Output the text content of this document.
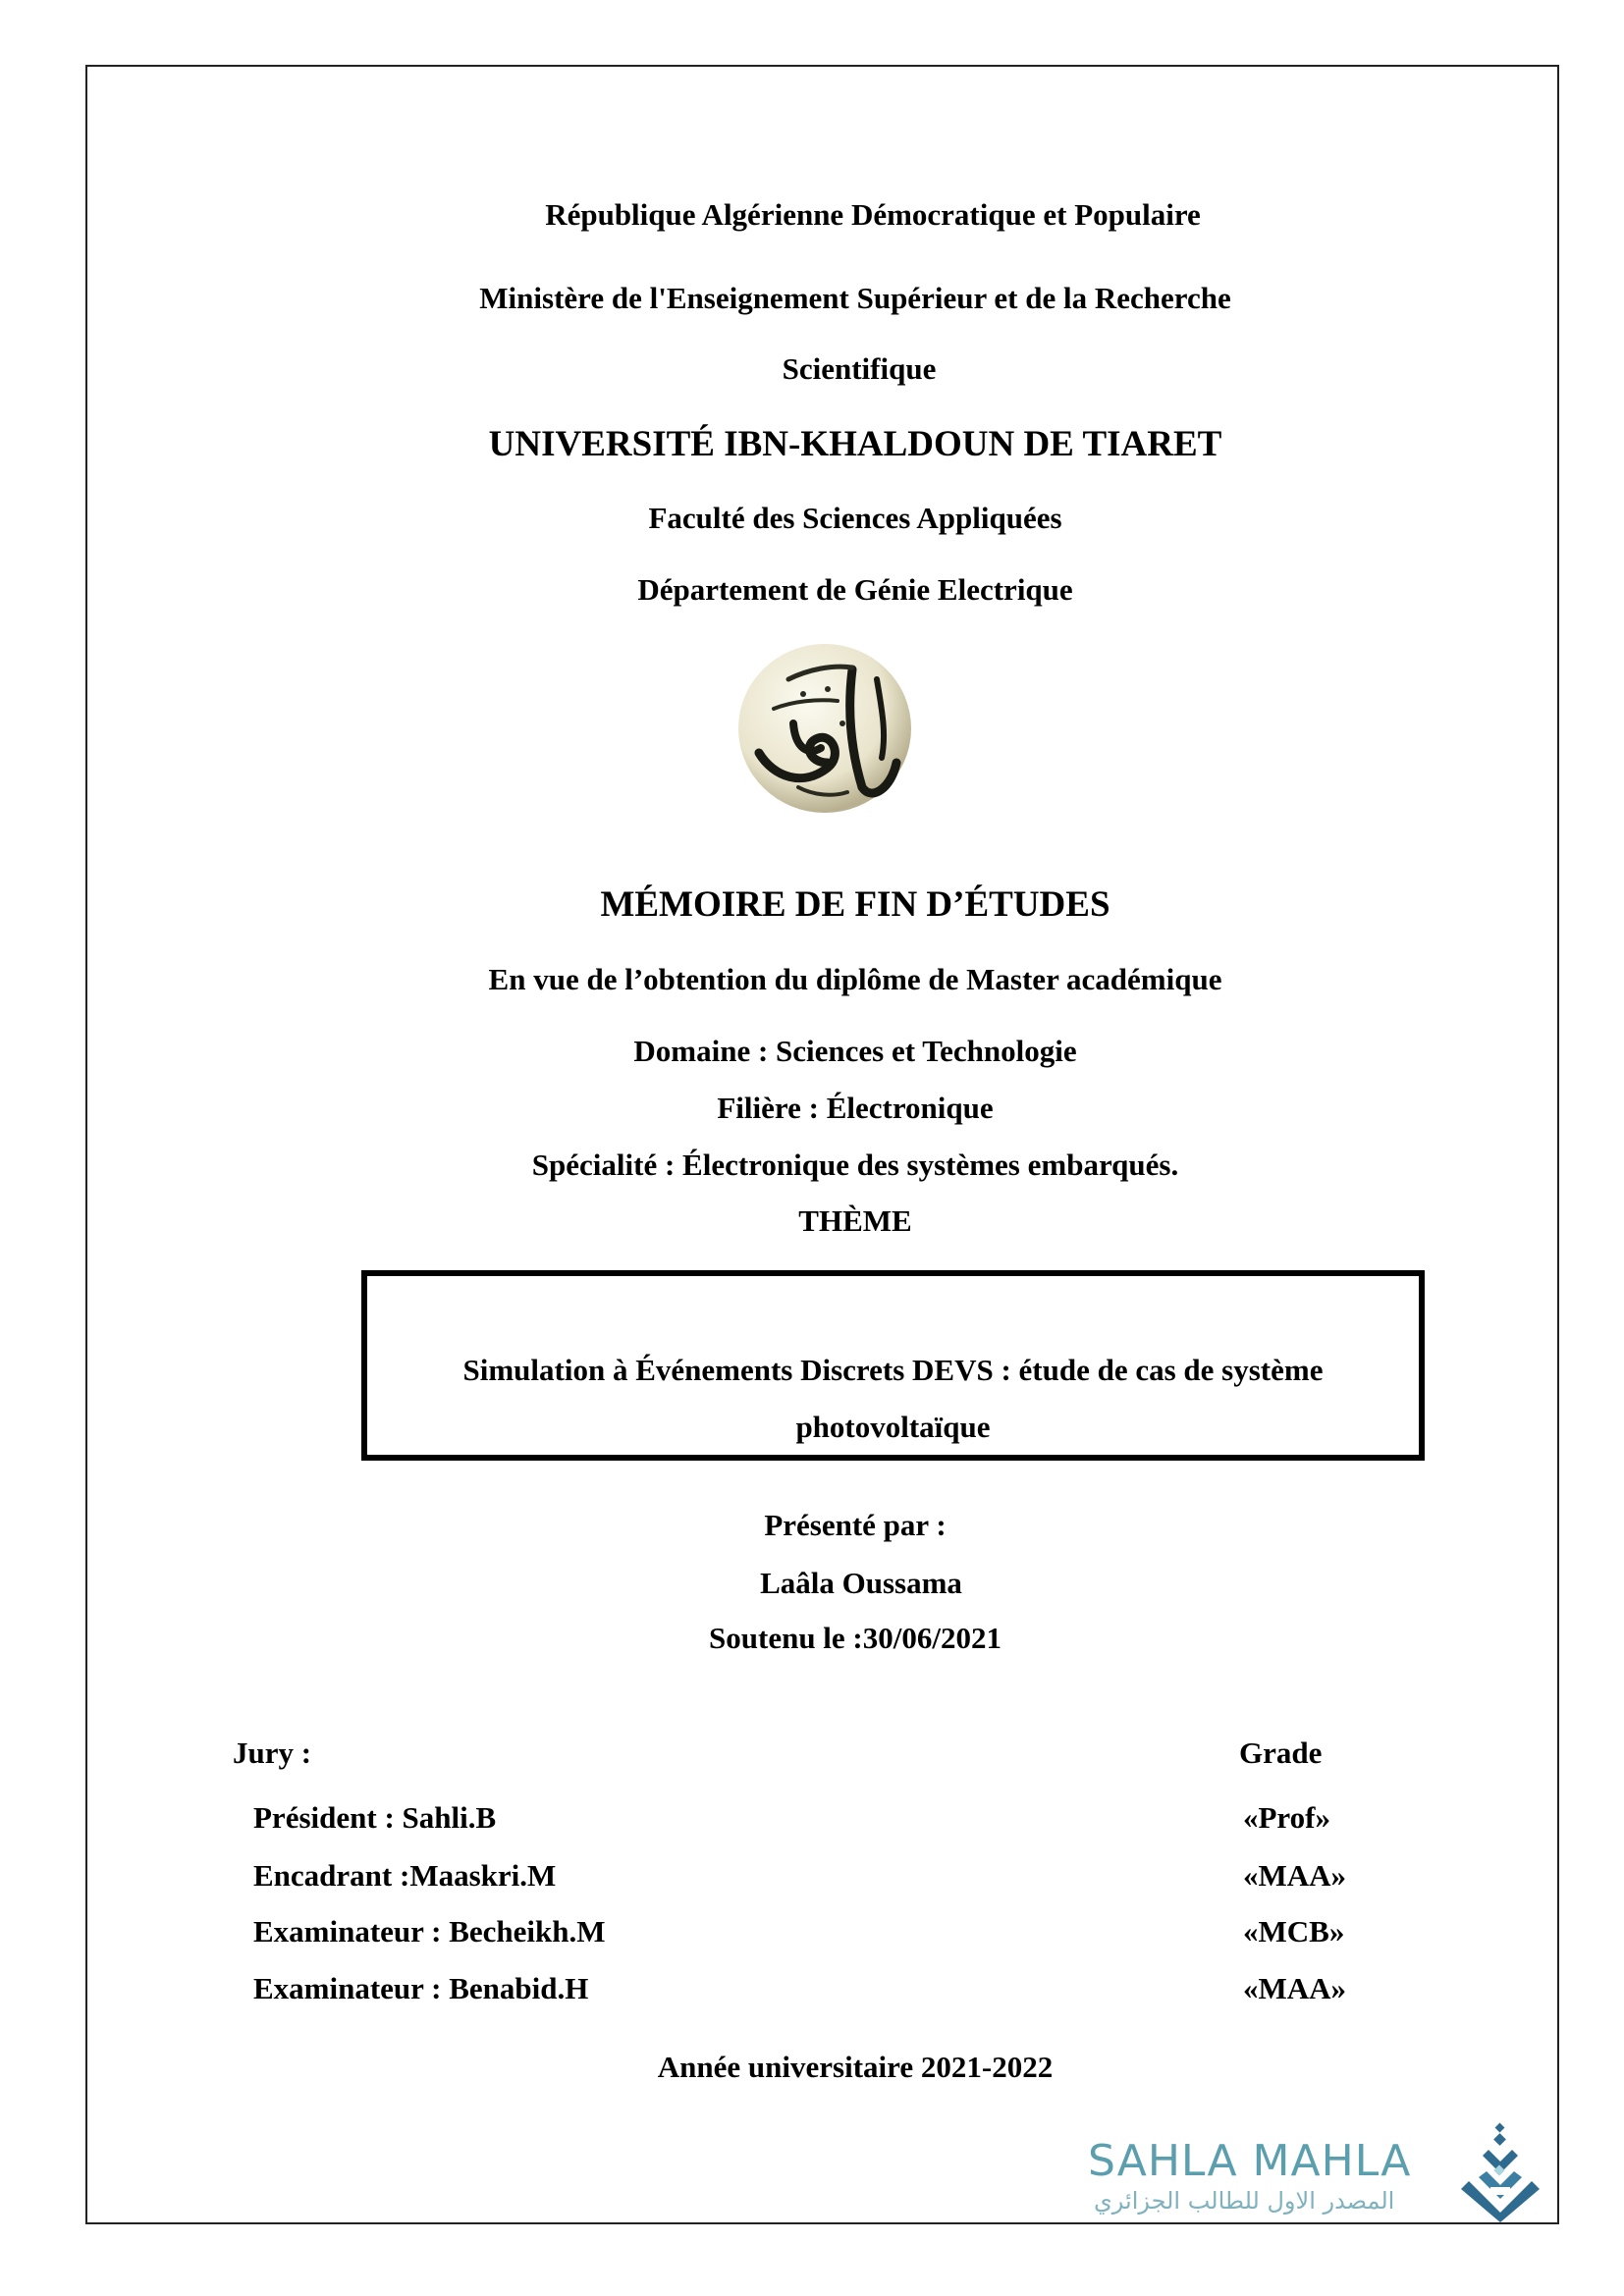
République Algérienne Démocratique et Populaire
Ministère de l'Enseignement Supérieur et de la Recherche
Scientifique
UNIVERSITÉ IBN-KHALDOUN DE TIARET
Faculté des Sciences Appliquées
Département de Génie Electrique
MÉMOIRE DE FIN D’ÉTUDES
En vue de l’obtention du diplôme de Master académique
Domaine : Sciences et Technologie
Filière : Électronique
Spécialité : Électronique des systèmes embarqués.
THÈME
Simulation à Événements Discrets DEVS : étude de cas de système
photovoltaïque
Présenté par :
Laâla Oussama
Soutenu le :30/06/2021
Jury :	Grade
Président : Sahli.B	«Prof»
Encadrant :Maaskri.M	«MAA»
Examinateur : Becheikh.M	«MCB»
Examinateur : Benabid.H	«MAA»
Année universitaire 2021-2022
SAHLA MAHLA
المصدر الاول للطالب الجزائري
